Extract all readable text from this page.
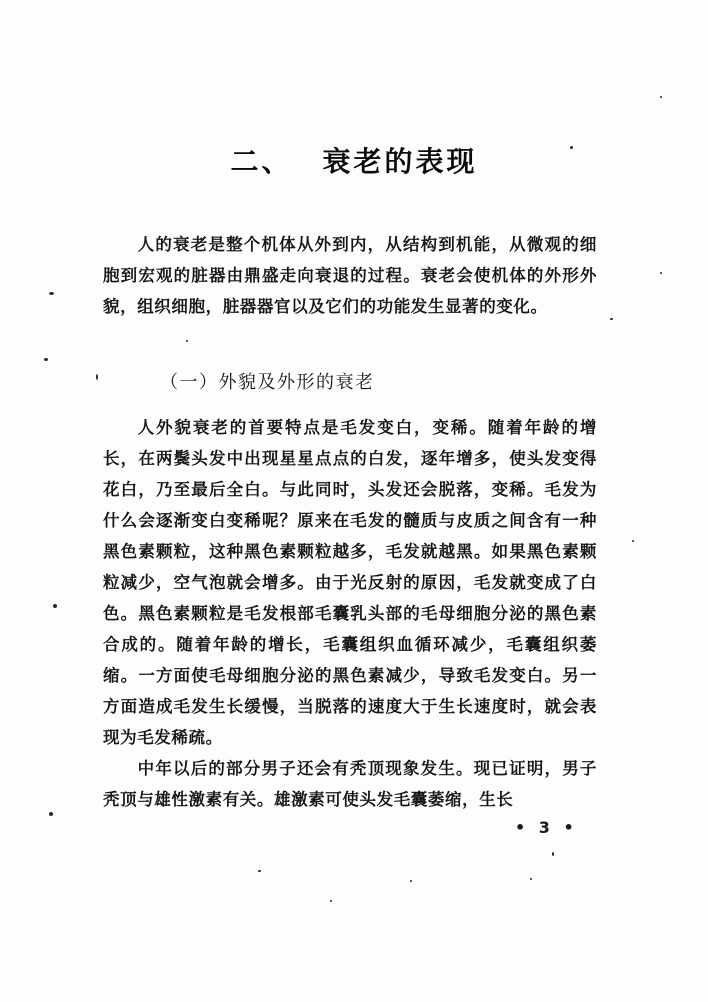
二、 衰老的表现

人的衰老是整个机体从外到内，从结构到机能，从微观的细胞到宏观的脏器由鼎盛走向衰退的过程。衰老会使机体的外形外貌，组织细胞，脏器器官以及它们的功能发生显著的变化。

（一）外貌及外形的衰老

人外貌衰老的首要特点是毛发变白，变稀。随着年龄的增长，在两鬓头发中出现星星点点的白发，逐年增多，使头发变得花白，乃至最后全白。与此同时，头发还会脱落，变稀。毛发为什么会逐渐变白变稀呢？原来在毛发的髓质与皮质之间含有一种黑色素颗粒，这种黑色素颗粒越多，毛发就越黑。如果黑色素颗粒减少，空气泡就会增多。由于光反射的原因，毛发就变成了白色。黑色素颗粒是毛发根部毛囊乳头部的毛母细胞分泌的黑色素合成的。随着年龄的增长，毛囊组织血循环减少，毛囊组织萎缩。一方面使毛母细胞分泌的黑色素减少，导致毛发变白。另一方面造成毛发生长缓慢，当脱落的速度大于生长速度时，就会表现为毛发稀疏。

中年以后的部分男子还会有秃顶现象发生。现已证明，男子秃顶与雄性激素有关。雄激素可使头发毛囊萎缩，生长

• 3 •
